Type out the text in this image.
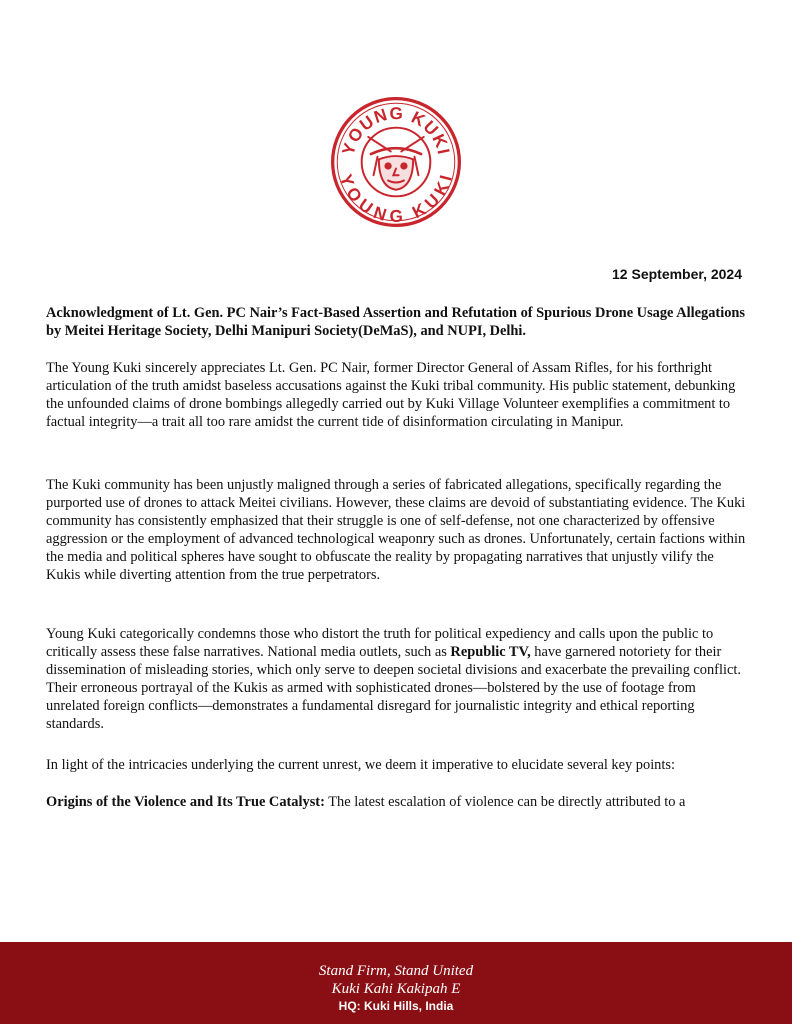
YOUNG KUKI
YOUNG KUKI
12 September, 2024

Acknowledgment of Lt. Gen. PC Nair’s Fact-Based Assertion and Refutation of Spurious Drone Usage Allegations by Meitei Heritage Society, Delhi Manipuri Society(DeMaS), and NUPI, Delhi.

The Young Kuki sincerely appreciates Lt. Gen. PC Nair, former Director General of Assam Rifles, for his forthright articulation of the truth amidst baseless accusations against the Kuki tribal community. His public statement, debunking the unfounded claims of drone bombings allegedly carried out by Kuki Village Volunteer exemplifies a commitment to factual integrity—a trait all too rare amidst the current tide of disinformation circulating in Manipur.

The Kuki community has been unjustly maligned through a series of fabricated allegations, specifically regarding the purported use of drones to attack Meitei civilians. However, these claims are devoid of substantiating evidence. The Kuki community has consistently emphasized that their struggle is one of self-defense, not one characterized by offensive aggression or the employment of advanced technological weaponry such as drones. Unfortunately, certain factions within the media and political spheres have sought to obfuscate the reality by propagating narratives that unjustly vilify the Kukis while diverting attention from the true perpetrators.

Young Kuki categorically condemns those who distort the truth for political expediency and calls upon the public to critically assess these false narratives. National media outlets, such as Republic TV, have garnered notoriety for their dissemination of misleading stories, which only serve to deepen societal divisions and exacerbate the prevailing conflict. Their erroneous portrayal of the Kukis as armed with sophisticated drones—bolstered by the use of footage from unrelated foreign conflicts—demonstrates a fundamental disregard for journalistic integrity and ethical reporting standards.

In light of the intricacies underlying the current unrest, we deem it imperative to elucidate several key points:

Origins of the Violence and Its True Catalyst: The latest escalation of violence can be directly attributed to a

Stand Firm, Stand United
Kuki Kahi Kakipah E
HQ: Kuki Hills, India
